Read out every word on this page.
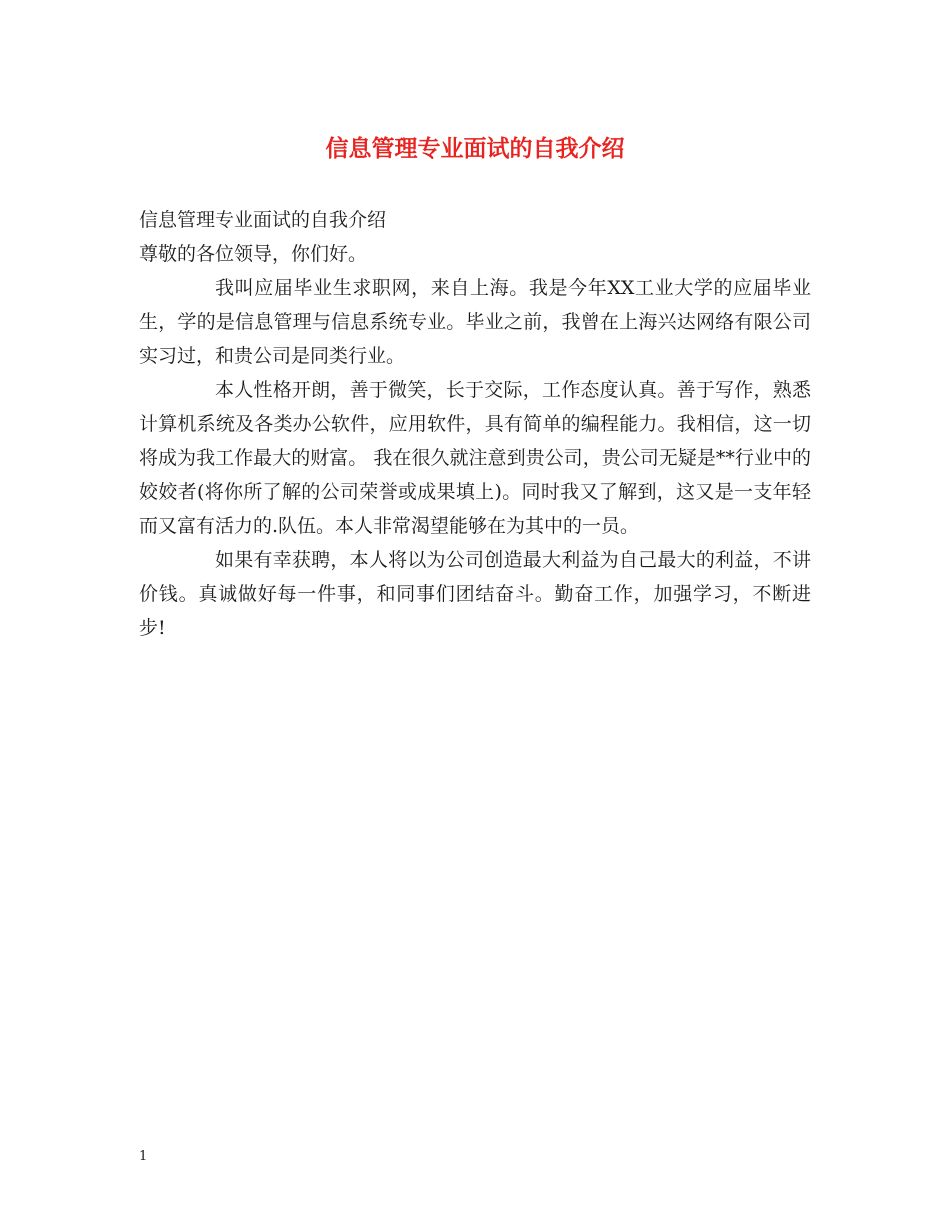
信息管理专业面试的自我介绍

信息管理专业面试的自我介绍

尊敬的各位领导，你们好。

我叫应届毕业生求职网，来自上海。我是今年XX工业大学的应届毕业生，学的是信息管理与信息系统专业。毕业之前，我曾在上海兴达网络有限公司实习过，和贵公司是同类行业。

本人性格开朗，善于微笑，长于交际，工作态度认真。善于写作，熟悉计算机系统及各类办公软件，应用软件，具有简单的编程能力。我相信，这一切将成为我工作最大的财富。 我在很久就注意到贵公司，贵公司无疑是**行业中的姣姣者(将你所了解的公司荣誉或成果填上)。同时我又了解到，这又是一支年轻而又富有活力的.队伍。本人非常渴望能够在为其中的一员。

如果有幸获聘，本人将以为公司创造最大利益为自己最大的利益，不讲价钱。真诚做好每一件事，和同事们团结奋斗。勤奋工作，加强学习，不断进步!

1
